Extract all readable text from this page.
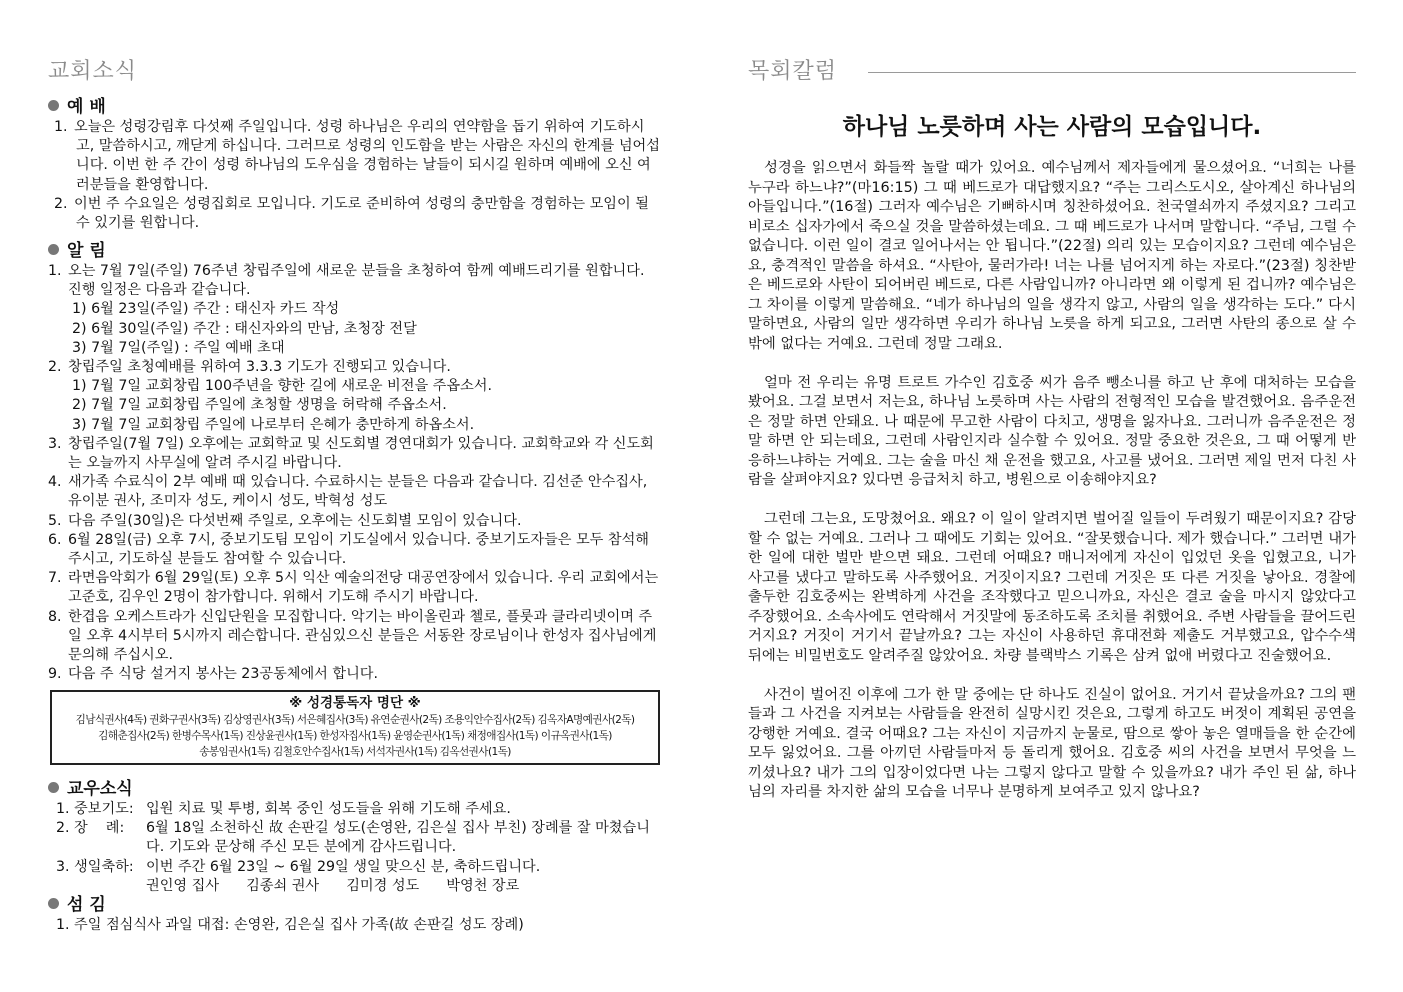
교회소식

예 배

1. 오늘은 성령강림후 다섯째 주일입니다. 성령 하나님은 우리의 연약함을 돕기 위하여 기도하시고, 말씀하시고, 깨닫게 하십니다. 그러므로 성령의 인도함을 받는 사람은 자신의 한계를 넘어섭니다. 이번 한 주 간이 성령 하나님의 도우심을 경험하는 날들이 되시길 원하며 예배에 오신 여러분들을 환영합니다.

2. 이번 주 수요일은 성령집회로 모입니다. 기도로 준비하여 성령의 충만함을 경험하는 모임이 될 수 있기를 원합니다.

알 림

1. 오는 7월 7일(주일) 76주년 창립주일에 새로운 분들을 초청하여 함께 예배드리기를 원합니다. 진행 일정은 다음과 같습니다.

1) 6월 23일(주일) 주간 : 태신자 카드 작성

2) 6월 30일(주일) 주간 : 태신자와의 만남, 초청장 전달

3) 7월 7일(주일) : 주일 예배 초대

2. 창립주일 초청예배를 위하여 3.3.3 기도가 진행되고 있습니다.

1) 7월 7일 교회창립 100주년을 향한 길에 새로운 비전을 주옵소서.

2) 7월 7일 교회창립 주일에 초청할 생명을 허락해 주옵소서.

3) 7월 7일 교회창립 주일에 나로부터 은혜가 충만하게 하옵소서.

3. 창립주일(7월 7일) 오후에는 교회학교 및 신도회별 경연대회가 있습니다. 교회학교와 각 신도회는 오늘까지 사무실에 알려 주시길 바랍니다.

4. 새가족 수료식이 2부 예배 때 있습니다. 수료하시는 분들은 다음과 같습니다. 김선준 안수집사, 유이분 권사, 조미자 성도, 케이시 성도, 박혁성 성도

5. 다음 주일(30일)은 다섯번째 주일로, 오후에는 신도회별 모임이 있습니다.

6. 6월 28일(금) 오후 7시, 중보기도팀 모임이 기도실에서 있습니다. 중보기도자들은 모두 참석해 주시고, 기도하실 분들도 참여할 수 있습니다.

7. 라면음악회가 6월 29일(토) 오후 5시 익산 예술의전당 대공연장에서 있습니다. 우리 교회에서는 고준호, 김우인 2명이 참가합니다. 위해서 기도해 주시기 바랍니다.

8. 한겹음 오케스트라가 신입단원을 모집합니다. 악기는 바이올린과 첼로, 플룻과 클라리넷이며 주일 오후 4시부터 5시까지 레슨합니다. 관심있으신 분들은 서동완 장로님이나 한성자 집사님에게 문의해 주십시오.

9. 다음 주 식당 설거지 봉사는 23공동체에서 합니다.

※ 성경통독자 명단 ※
김남식권사(4독) 권화구권사(3독) 김상영권사(3독) 서은혜집사(3독) 유연순권사(2독) 조용익안수집사(2독) 김옥자A명예권사(2독)
김해춘집사(2독) 한병수목사(1독) 진상윤권사(1독) 한성자집사(1독) 윤영순권사(1독) 채정애집사(1독) 이규옥권사(1독)
송봉임권사(1독) 김철호안수집사(1독) 서석자권사(1독) 김옥선권사(1독)

교우소식

1. 중보기도: 입원 치료 및 투병, 회복 중인 성도들을 위해 기도해 주세요.
2. 장    례:	6월 18일 소천하신 故 손판길 성도(손영완, 김은실 집사 부친) 장례를 잘 마쳤습니다. 기도와 문상해 주신 모든 분에게 감사드립니다.
3. 생일축하: 이번 주간 6월 23일 ~ 6월 29일 생일 맞으신 분, 축하드립니다.
권인영 집사      김종쇠 권사      김미경 성도      박영천 장로

섬 김

1. 주일 점심식사 과일 대접: 손영완, 김은실 집사 가족(故 손판길 성도 장례)

목회칼럼

하나님 노릇하며 사는 사람의 모습입니다.

성경을 읽으면서 화들짝 놀랄 때가 있어요. 예수님께서 제자들에게 물으셨어요. “너희는 나를 누구라 하느냐?”(마16:15) 그 때 베드로가 대답했지요? “주는 그리스도시오, 살아계신 하나님의 아들입니다.”(16절) 그러자 예수님은 기뻐하시며 칭찬하셨어요. 천국열쇠까지 주셨지요? 그리고 비로소 십자가에서 죽으실 것을 말씀하셨는데요. 그 때 베드로가 나서며 말합니다. “주님, 그럴 수 없습니다. 이런 일이 결코 일어나서는 안 됩니다.”(22절) 의리 있는 모습이지요? 그런데 예수님은요, 충격적인 말씀을 하셔요. “사탄아, 물러가라! 너는 나를 넘어지게 하는 자로다.”(23절) 칭찬받은 베드로와 사탄이 되어버린 베드로, 다른 사람입니까? 아니라면 왜 이렇게 된 겁니까? 예수님은 그 차이를 이렇게 말씀해요. “네가 하나님의 일을 생각지 않고, 사람의 일을 생각하는 도다.” 다시 말하면요, 사람의 일만 생각하면 우리가 하나님 노릇을 하게 되고요, 그러면 사탄의 종으로 살 수 밖에 없다는 거예요. 그런데 정말 그래요.

얼마 전 우리는 유명 트로트 가수인 김호중 씨가 음주 뺑소니를 하고 난 후에 대처하는 모습을 봤어요. 그걸 보면서 저는요, 하나님 노릇하며 사는 사람의 전형적인 모습을 발견했어요. 음주운전은 정말 하면 안돼요. 나 때문에 무고한 사람이 다치고, 생명을 잃자나요. 그러니까 음주운전은 정말 하면 안 되는데요, 그런데 사람인지라 실수할 수 있어요. 정말 중요한 것은요, 그 때 어떻게 반응하느냐하는 거예요. 그는 술을 마신 채 운전을 했고요, 사고를 냈어요. 그러면 제일 먼저 다친 사람을 살펴야지요? 있다면 응급처치 하고, 병원으로 이송해야지요?

그런데 그는요, 도망쳤어요. 왜요? 이 일이 알려지면 벌어질 일들이 두려웠기 때문이지요? 감당할 수 없는 거예요. 그러나 그 때에도 기회는 있어요. “잘못했습니다. 제가 했습니다.” 그러면 내가 한 일에 대한 벌만 받으면 돼요. 그런데 어때요? 매니저에게 자신이 입었던 옷을 입혔고요, 니가 사고를 냈다고 말하도록 사주했어요. 거짓이지요? 그런데 거짓은 또 다른 거짓을 낳아요. 경찰에 출두한 김호중씨는 완벽하게 사건을 조작했다고 믿으니까요, 자신은 결코 술을 마시지 않았다고 주장했어요. 소속사에도 연락해서 거짓말에 동조하도록 조치를 취했어요. 주변 사람들을 끌어드린 거지요? 거짓이 거기서 끝날까요? 그는 자신이 사용하던 휴대전화 제출도 거부했고요, 압수수색 뒤에는 비밀번호도 알려주질 않았어요. 차량 블랙박스 기록은 삼켜 없애 버렸다고 진술했어요.

사건이 벌어진 이후에 그가 한 말 중에는 단 하나도 진실이 없어요. 거기서 끝났을까요? 그의 팬들과 그 사건을 지켜보는 사람들을 완전히 실망시킨 것은요, 그렇게 하고도 버젓이 계획된 공연을 강행한 거예요. 결국 어때요? 그는 자신이 지금까지 눈물로, 땀으로 쌓아 놓은 열매들을 한 순간에 모두 잃었어요. 그를 아끼던 사람들마저 등 돌리게 했어요. 김호중 씨의 사건을 보면서 무엇을 느끼셨나요? 내가 그의 입장이었다면 나는 그렇지 않다고 말할 수 있을까요? 내가 주인 된 삶, 하나님의 자리를 차지한 삶의 모습을 너무나 분명하게 보여주고 있지 않나요?
